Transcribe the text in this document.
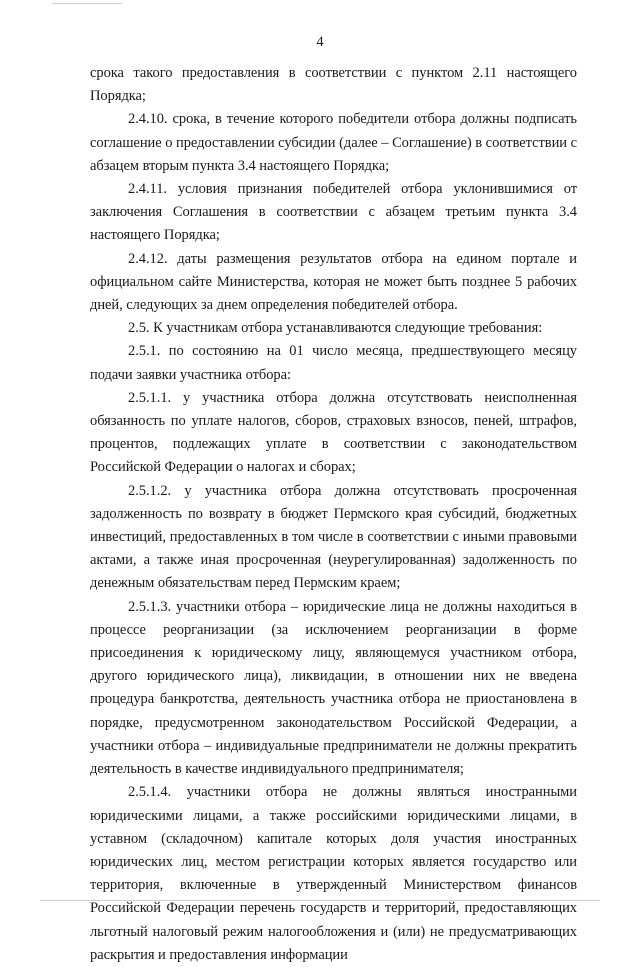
4

срока такого предоставления в соответствии с пунктом 2.11 настоящего Порядка;

2.4.10. срока, в течение которого победители отбора должны подписать соглашение о предоставлении субсидии (далее – Соглашение) в соответствии с абзацем вторым пункта 3.4 настоящего Порядка;

2.4.11. условия признания победителей отбора уклонившимися от заключения Соглашения в соответствии с абзацем третьим пункта 3.4 настоящего Порядка;

2.4.12. даты размещения результатов отбора на едином портале и официальном сайте Министерства, которая не может быть позднее 5 рабочих дней, следующих за днем определения победителей отбора.

2.5. К участникам отбора устанавливаются следующие требования:

2.5.1. по состоянию на 01 число месяца, предшествующего месяцу подачи заявки участника отбора:

2.5.1.1. у участника отбора должна отсутствовать неисполненная обязанность по уплате налогов, сборов, страховых взносов, пеней, штрафов, процентов, подлежащих уплате в соответствии с законодательством Российской Федерации о налогах и сборах;

2.5.1.2. у участника отбора должна отсутствовать просроченная задолженность по возврату в бюджет Пермского края субсидий, бюджетных инвестиций, предоставленных в том числе в соответствии с иными правовыми актами, а также иная просроченная (неурегулированная) задолженность по денежным обязательствам перед Пермским краем;

2.5.1.3. участники отбора – юридические лица не должны находиться в процессе реорганизации (за исключением реорганизации в форме присоединения к юридическому лицу, являющемуся участником отбора, другого юридического лица), ликвидации, в отношении них не введена процедура банкротства, деятельность участника отбора не приостановлена в порядке, предусмотренном законодательством Российской Федерации, а участники отбора – индивидуальные предприниматели не должны прекратить деятельность в качестве индивидуального предпринимателя;

2.5.1.4. участники отбора не должны являться иностранными юридическими лицами, а также российскими юридическими лицами, в уставном (складочном) капитале которых доля участия иностранных юридических лиц, местом регистрации которых является государство или территория, включенные в утвержденный Министерством финансов Российской Федерации перечень государств и территорий, предоставляющих льготный налоговый режим налогообложения и (или) не предусматривающих раскрытия и предоставления информации
